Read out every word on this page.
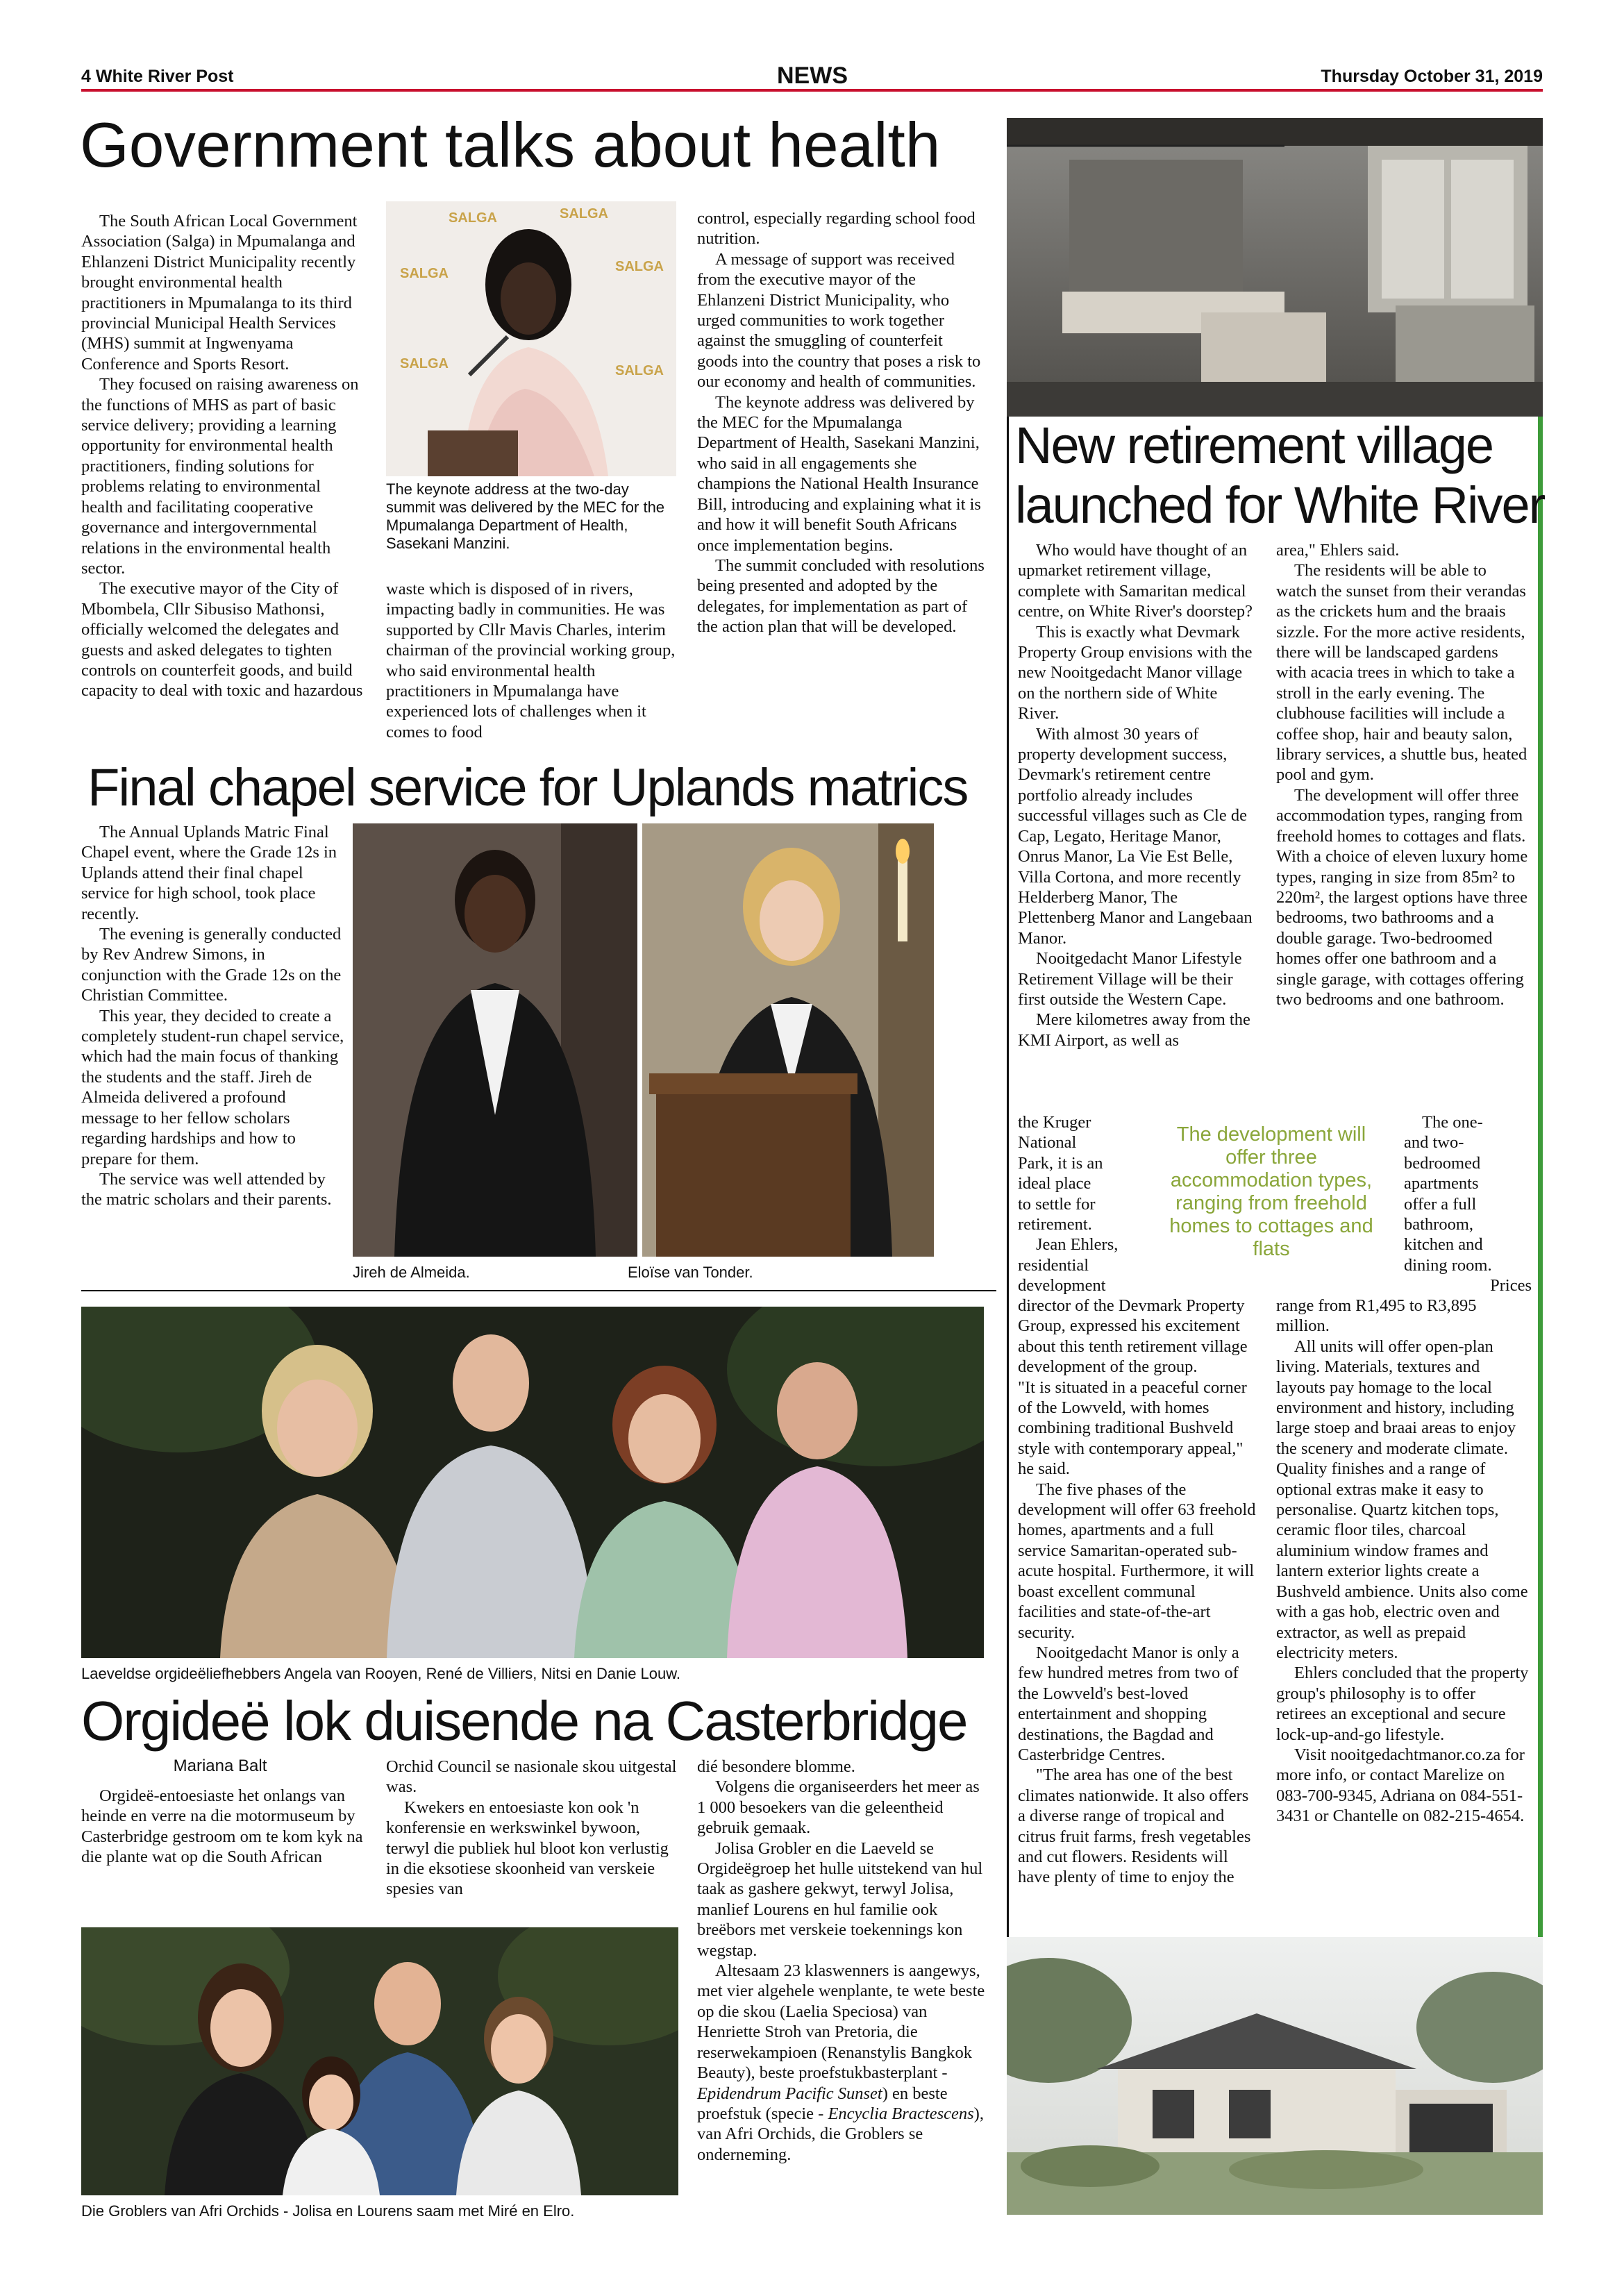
4 White River Post	NEWS	Thursday October 31, 2019
Government talks about health

The South African Local Government Association (Salga) in Mpumalanga and Ehlanzeni District Municipality recently brought environmental health practitioners in Mpumalanga to its third provincial Municipal Health Services (MHS) summit at Ingwenyama Conference and Sports Resort.

They focused on raising awareness on the functions of MHS as part of basic service delivery; providing a learning opportunity for environmental health practitioners, finding solutions for problems relating to environmental health and facilitating cooperative governance and intergovernmental relations in the environmental health sector.

The executive mayor of the City of Mbombela, Cllr Sibusiso Mathonsi, officially welcomed the delegates and guests and asked delegates to tighten controls on counterfeit goods, and build capacity to deal with toxic and hazardous

SALGA	SALGA
SALGA	SALGA
SALGA	SALGA
The keynote address at the two-day summit was delivered by the MEC for the Mpumalanga Department of Health, Sasekani Manzini.

waste which is disposed of in rivers, impacting badly in communities. He was supported by Cllr Mavis Charles, interim chairman of the provincial working group, who said environmental health practitioners in Mpumalanga have experienced lots of challenges when it comes to food

control, especially regarding school food nutrition.

A message of support was received from the executive mayor of the Ehlanzeni District Municipality, who urged communities to work together against the smuggling of counterfeit goods into the country that poses a risk to our economy and health of communities.

The keynote address was delivered by the MEC for the Mpumalanga Department of Health, Sasekani Manzini, who said in all engagements she champions the National Health Insurance Bill, introducing and explaining what it is and how it will benefit South Africans once implementation begins.

The summit concluded with resolutions being presented and adopted by the delegates, for implementation as part of the action plan that will be developed.

New retirement village
launched for White River

Who would have thought of an upmarket retirement village, complete with Samaritan medical centre, on White River's doorstep?

This is exactly what Devmark Property Group envisions with the new Nooitgedacht Manor village on the northern side of White River.

With almost 30 years of property development success, Devmark's retirement centre portfolio already includes successful villages such as Cle de Cap, Legato, Heritage Manor, Onrus Manor, La Vie Est Belle, Villa Cortona, and more recently Helderberg Manor, The Plettenberg Manor and Langebaan Manor.

Nooitgedacht Manor Lifestyle Retirement Village will be their first outside the Western Cape.

Mere kilometres away from the KMI Airport, as well as

the Kruger
National
Park, it is an
ideal place
to settle for
retirement.
Jean Ehlers,
residential
development

director of the Devmark Property Group, expressed his excitement about this tenth retirement village development of the group.

"It is situated in a peaceful corner of the Lowveld, with homes combining traditional Bushveld style with contemporary appeal," he said.

The five phases of the development will offer 63 freehold homes, apartments and a full service Samaritan-operated sub-acute hospital. Furthermore, it will boast excellent communal facilities and state-of-the-art security.

Nooitgedacht Manor is only a few hundred metres from two of the Lowveld's best-loved entertainment and shopping destinations, the Bagdad and Casterbridge Centres.

"The area has one of the best climates nationwide. It also offers a diverse range of tropical and citrus fruit farms, fresh vegetables and cut flowers. Residents will have plenty of time to enjoy the

The development will offer three accommodation types, ranging from freehold homes to cottages and flats

area," Ehlers said.

The residents will be able to watch the sunset from their verandas as the crickets hum and the braais sizzle. For the more active residents, there will be landscaped gardens with acacia trees in which to take a stroll in the early evening. The clubhouse facilities will include a coffee shop, hair and beauty salon, library services, a shuttle bus, heated pool and gym.

The development will offer three accommodation types, ranging from freehold homes to cottages and flats. With a choice of eleven luxury home types, ranging in size from 85m² to 220m², the largest options have three bedrooms, two bathrooms and a double garage. Two-bedroomed homes offer one bathroom and a single garage, with cottages offering two bedrooms and one bathroom.

The one-
and two-
bedroomed
apartments
offer a full
bathroom,
kitchen and
dining room.
Prices

range from R1,495 to R3,895 million.

All units will offer open-plan living. Materials, textures and layouts pay homage to the local environment and history, including large stoep and braai areas to enjoy the scenery and moderate climate. Quality finishes and a range of optional extras make it easy to personalise. Quartz kitchen tops, ceramic floor tiles, charcoal aluminium window frames and lantern exterior lights create a Bushveld ambience. Units also come with a gas hob, electric oven and extractor, as well as prepaid electricity meters.

Ehlers concluded that the property group's philosophy is to offer retirees an exceptional and secure lock-up-and-go lifestyle.

Visit nooitgedachtmanor.co.za for more info, or contact Marelize on 083-700-9345, Adriana on 084-551-3431 or Chantelle on 082-215-4654.

Final chapel service for Uplands matrics

The Annual Uplands Matric Final Chapel event, where the Grade 12s in Uplands attend their final chapel service for high school, took place recently.

The evening is generally conducted by Rev Andrew Simons, in conjunction with the Grade 12s on the Christian Committee.

This year, they decided to create a completely student-run chapel service, which had the main focus of thanking the students and the staff. Jireh de Almeida delivered a profound message to her fellow scholars regarding hardships and how to prepare for them.

The service was well attended by the matric scholars and their parents.

Jireh de Almeida.	Eloïse van Tonder.
Laeveldse orgideëliefhebbers Angela van Rooyen, René de Villiers, Nitsi en Danie Louw.
Orgideë lok duisende na Casterbridge
Mariana Balt

Orgideë-entoesiaste het onlangs van heinde en verre na die motormuseum by Casterbridge gestroom om te kom kyk na die plante wat op die South African

Orchid Council se nasionale skou uitgestal was.

Kwekers en entoesiaste kon ook 'n konferensie en werkswinkel bywoon, terwyl die publiek hul bloot kon verlustig in die eksotiese skoonheid van verskeie spesies van

dié besondere blomme.

Volgens die organiseerders het meer as 1 000 besoekers van die geleentheid gebruik gemaak.

Jolisa Grobler en die Laeveld se Orgideëgroep het hulle uitstekend van hul taak as gashere gekwyt, terwyl Jolisa, manlief Lourens en hul familie ook breëbors met verskeie toekennings kon wegstap.

Altesaam 23 klaswenners is aangewys, met vier algehele wenplante, te wete beste op die skou (Laelia Speciosa) van Henriette Stroh van Pretoria, die reserwekampioen (Renanstylis Bangkok Beauty), beste proefstukbasterplant - Epidendrum Pacific Sunset) en beste proefstuk (specie - Encyclia Bractescens), van Afri Orchids, die Groblers se onderneming.

Die Groblers van Afri Orchids - Jolisa en Lourens saam met Miré en Elro.
